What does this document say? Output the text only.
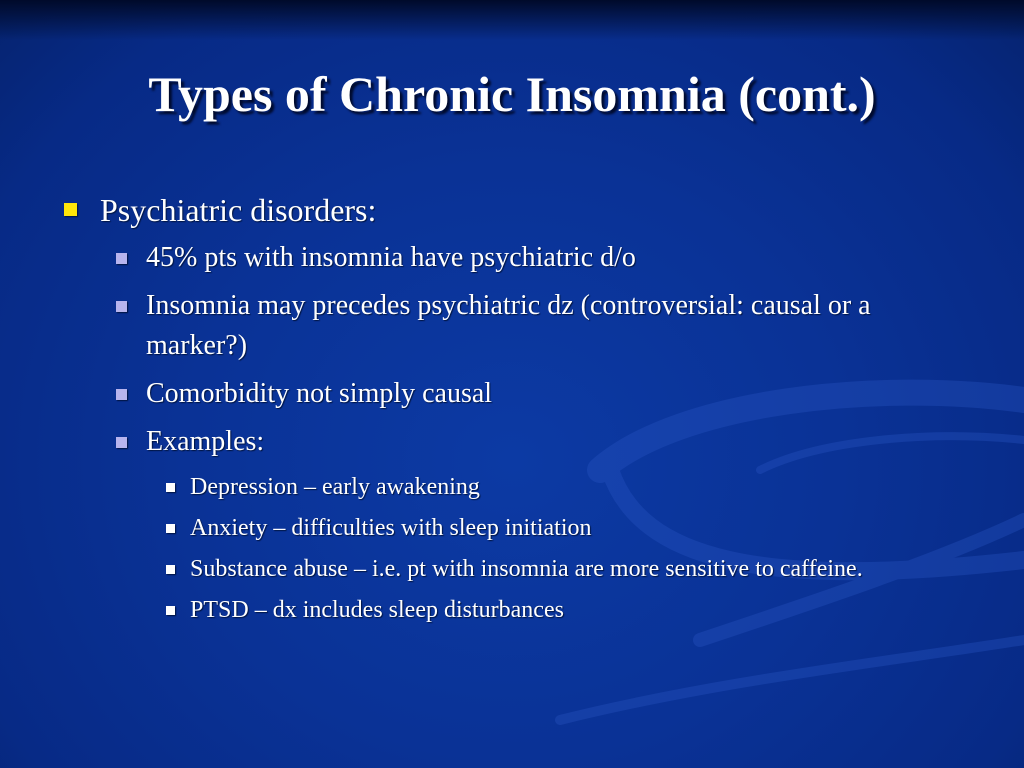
Types of Chronic Insomnia (cont.)
Psychiatric disorders:
45% pts with insomnia have psychiatric d/o
Insomnia may precedes psychiatric dz (controversial: causal or a marker?)
Comorbidity not simply causal
Examples:
Depression – early awakening
Anxiety – difficulties with sleep initiation
Substance abuse – i.e. pt with insomnia are more sensitive to caffeine.
PTSD – dx includes sleep disturbances
